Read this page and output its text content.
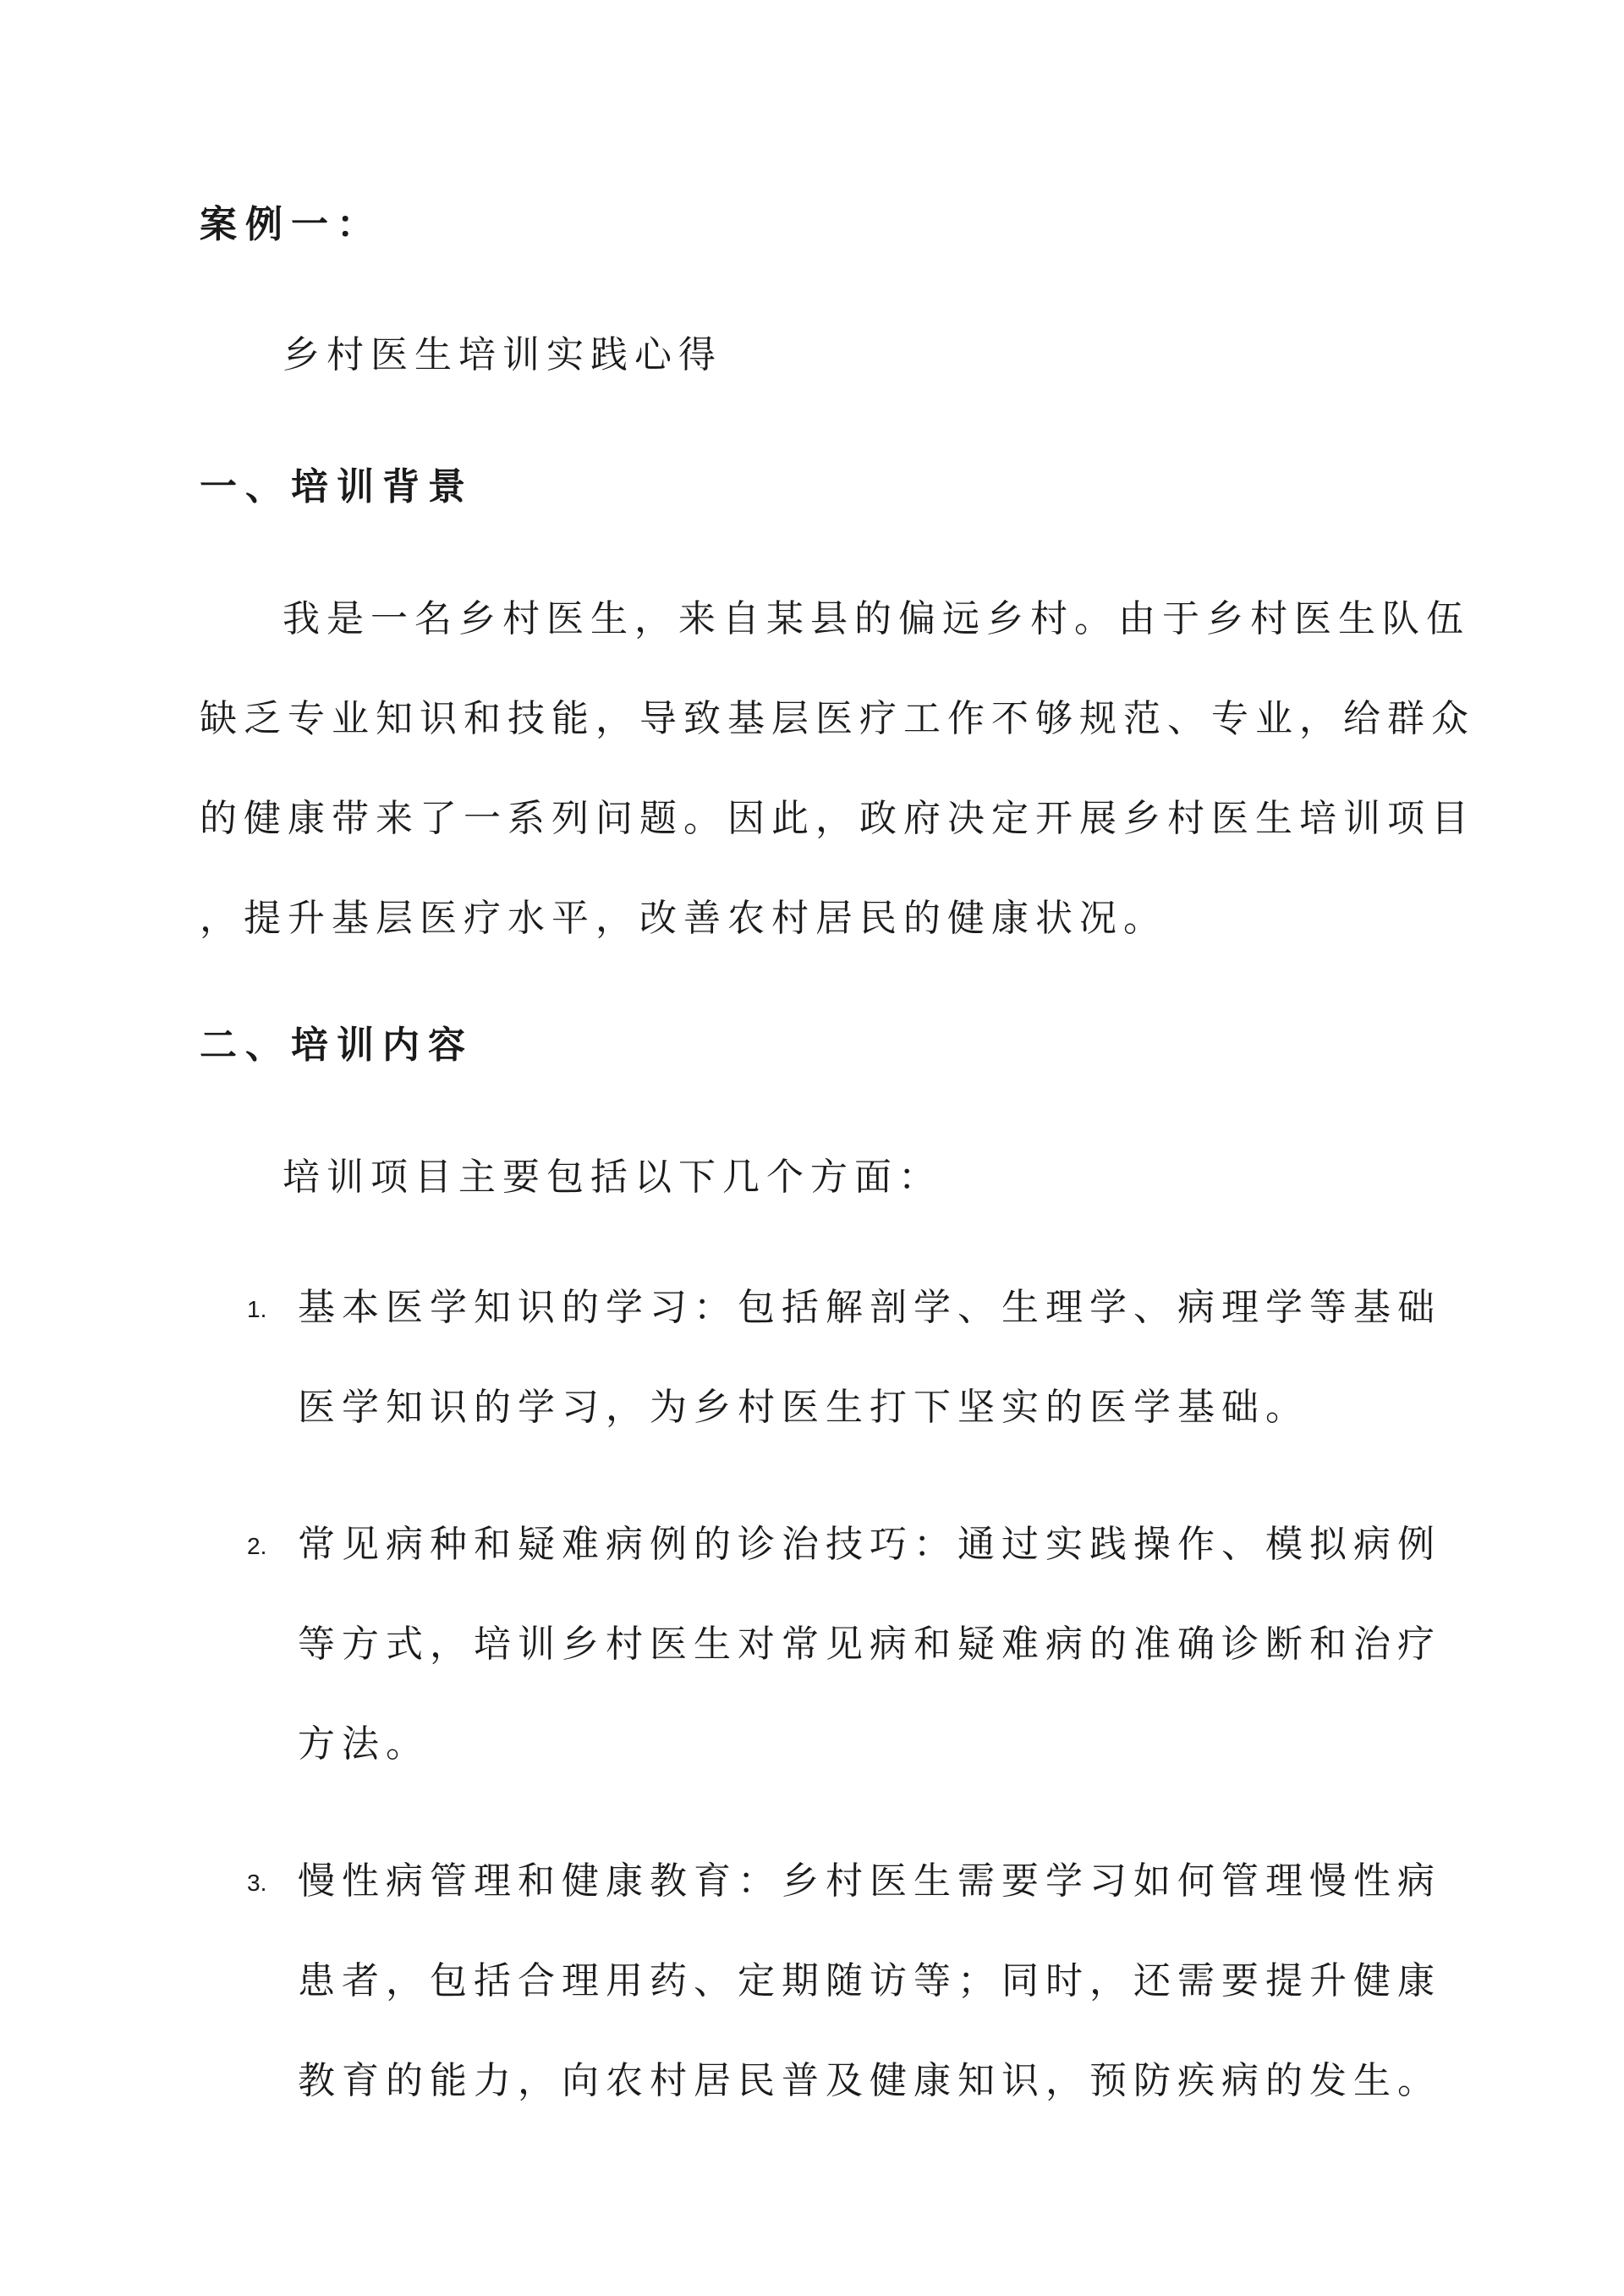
案例一：
乡村医生培训实践心得
一、培训背景
我是一名乡村医生，来自某县的偏远乡村。由于乡村医生队伍
缺乏专业知识和技能，导致基层医疗工作不够规范、专业，给群众
的健康带来了一系列问题。因此，政府决定开展乡村医生培训项目
，提升基层医疗水平，改善农村居民的健康状况。
二、培训内容
培训项目主要包括以下几个方面：
1. 基本医学知识的学习：包括解剖学、生理学、病理学等基础
医学知识的学习，为乡村医生打下坚实的医学基础。
2. 常见病种和疑难病例的诊治技巧：通过实践操作、模拟病例
等方式，培训乡村医生对常见病和疑难病的准确诊断和治疗
方法。
3. 慢性病管理和健康教育：乡村医生需要学习如何管理慢性病
患者，包括合理用药、定期随访等；同时，还需要提升健康
教育的能力，向农村居民普及健康知识，预防疾病的发生。
